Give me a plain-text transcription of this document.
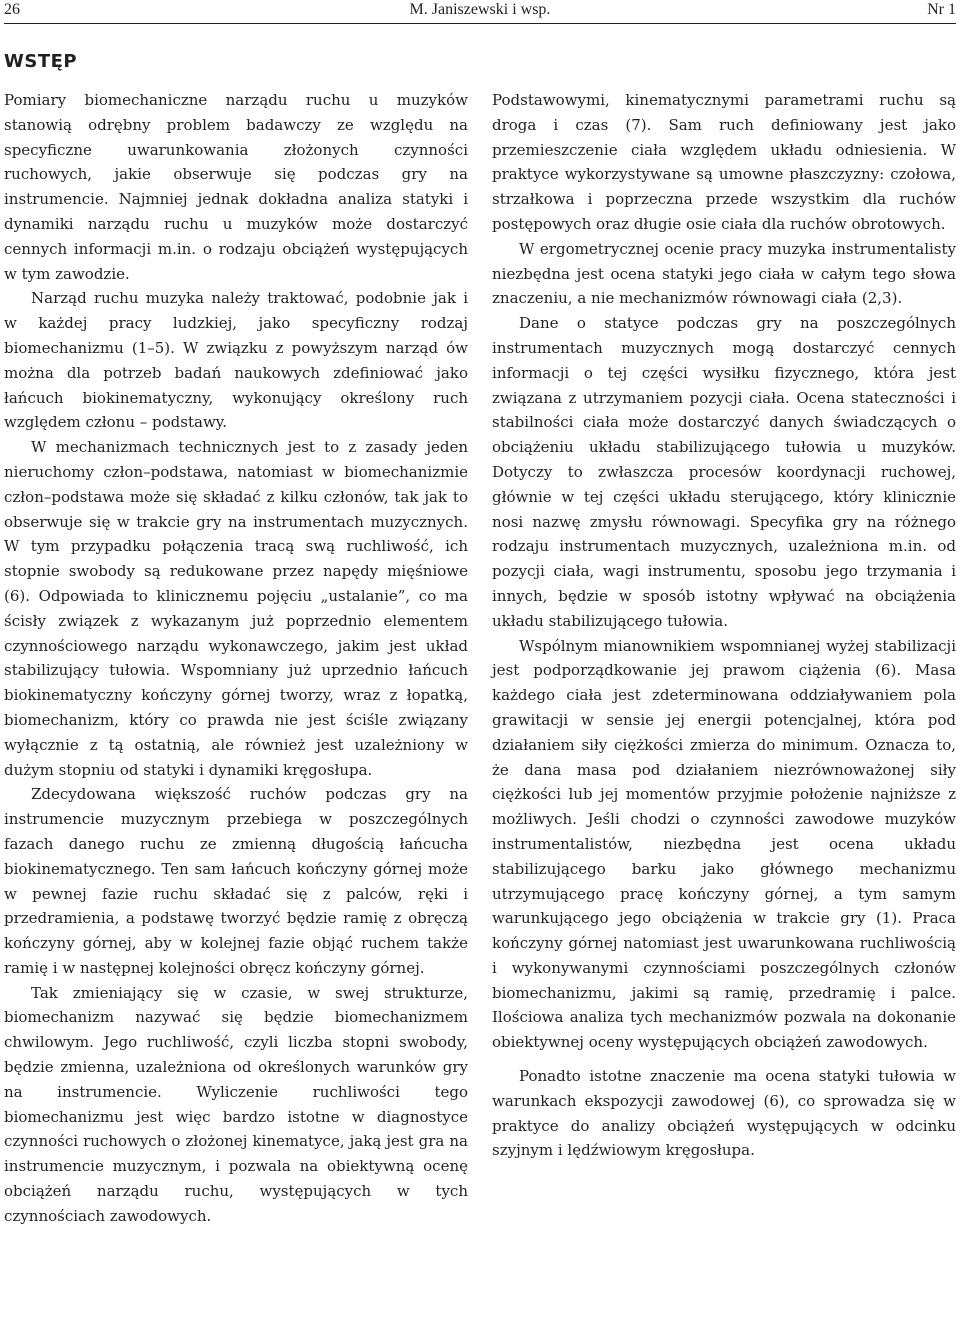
26	M. Janiszewski i wsp.	Nr 1
WSTĘP

Pomiary biomechaniczne narządu ruchu u muzyków stanowią odrębny problem badawczy ze względu na specyficzne uwarunkowania złożonych czynności ruchowych, jakie obserwuje się podczas gry na instrumencie. Najmniej jednak dokładna analiza statyki i dynamiki narządu ruchu u muzyków może dostarczyć cennych informacji m.in. o rodzaju obciążeń występujących w tym zawodzie.

Narząd ruchu muzyka należy traktować, podobnie jak i w każdej pracy ludzkiej, jako specyficzny rodzaj biomechanizmu (1–5). W związku z powyższym narząd ów można dla potrzeb badań naukowych zdefiniować jako łańcuch biokinematyczny, wykonujący określony ruch względem członu – podstawy.

W mechanizmach technicznych jest to z zasady jeden nieruchomy człon–podstawa, natomiast w biomechanizmie człon–podstawa może się składać z kilku członów, tak jak to obserwuje się w trakcie gry na instrumentach muzycznych. W tym przypadku połączenia tracą swą ruchliwość, ich stopnie swobody są redukowane przez napędy mięśniowe (6). Odpowiada to klinicznemu pojęciu „ustalanie”, co ma ścisły związek z wykazanym już poprzednio elementem czynnościowego narządu wykonawczego, jakim jest układ stabilizujący tułowia. Wspomniany już uprzednio łańcuch biokinematyczny kończyny górnej tworzy, wraz z łopatką, biomechanizm, który co prawda nie jest ściśle związany wyłącznie z tą ostatnią, ale również jest uzależniony w dużym stopniu od statyki i dynamiki kręgosłupa.

Zdecydowana większość ruchów podczas gry na instrumencie muzycznym przebiega w poszczególnych fazach danego ruchu ze zmienną długością łańcucha biokinematycznego. Ten sam łańcuch kończyny górnej może w pewnej fazie ruchu składać się z palców, ręki i przedramienia, a podstawę tworzyć będzie ramię z obręczą kończyny górnej, aby w kolejnej fazie objąć ruchem także ramię i w następnej kolejności obręcz kończyny górnej.

Tak zmieniający się w czasie, w swej strukturze, biomechanizm nazywać się będzie biomechanizmem chwilowym. Jego ruchliwość, czyli liczba stopni swobody, będzie zmienna, uzależniona od określonych warunków gry na instrumencie. Wyliczenie ruchliwości tego biomechanizmu jest więc bardzo istotne w diagnostyce czynności ruchowych o złożonej kinematyce, jaką jest gra na instrumencie muzycznym, i pozwala na obiektywną ocenę obciążeń narządu ruchu, występujących w tych czynnościach zawodowych.

Podstawowymi, kinematycznymi parametrami ruchu są droga i czas (7). Sam ruch definiowany jest jako przemieszczenie ciała względem układu odniesienia. W praktyce wykorzystywane są umowne płaszczyzny: czołowa, strzałkowa i poprzeczna przede wszystkim dla ruchów postępowych oraz długie osie ciała dla ruchów obrotowych.

W ergometrycznej ocenie pracy muzyka instrumentalisty niezbędna jest ocena statyki jego ciała w całym tego słowa znaczeniu, a nie mechanizmów równowagi ciała (2,3).

Dane o statyce podczas gry na poszczególnych instrumentach muzycznych mogą dostarczyć cennych informacji o tej części wysiłku fizycznego, która jest związana z utrzymaniem pozycji ciała. Ocena stateczności i stabilności ciała może dostarczyć danych świadczących o obciążeniu układu stabilizującego tułowia u muzyków. Dotyczy to zwłaszcza procesów koordynacji ruchowej, głównie w tej części układu sterującego, który klinicznie nosi nazwę zmysłu równowagi. Specyfika gry na różnego rodzaju instrumentach muzycznych, uzależniona m.in. od pozycji ciała, wagi instrumentu, sposobu jego trzymania i innych, będzie w sposób istotny wpływać na obciążenia układu stabilizującego tułowia.

Wspólnym mianownikiem wspomnianej wyżej stabilizacji jest podporządkowanie jej prawom ciążenia (6). Masa każdego ciała jest zdeterminowana oddziaływaniem pola grawitacji w sensie jej energii potencjalnej, która pod działaniem siły ciężkości zmierza do minimum. Oznacza to, że dana masa pod działaniem niezrównoważonej siły ciężkości lub jej momentów przyjmie położenie najniższe z możliwych. Jeśli chodzi o czynności zawodowe muzyków instrumentalistów, niezbędna jest ocena układu stabilizującego barku jako głównego mechanizmu utrzymującego pracę kończyny górnej, a tym samym warunkującego jego obciążenia w trakcie gry (1). Praca kończyny górnej natomiast jest uwarunkowana ruchliwością i wykonywanymi czynnościami poszczególnych członów biomechanizmu, jakimi są ramię, przedramię i palce. Ilościowa analiza tych mechanizmów pozwala na dokonanie obiektywnej oceny występujących obciążeń zawodowych.

Ponadto istotne znaczenie ma ocena statyki tułowia w warunkach ekspozycji zawodowej (6), co sprowadza się w praktyce do analizy obciążeń występujących w odcinku szyjnym i lędźwiowym kręgosłupa.
